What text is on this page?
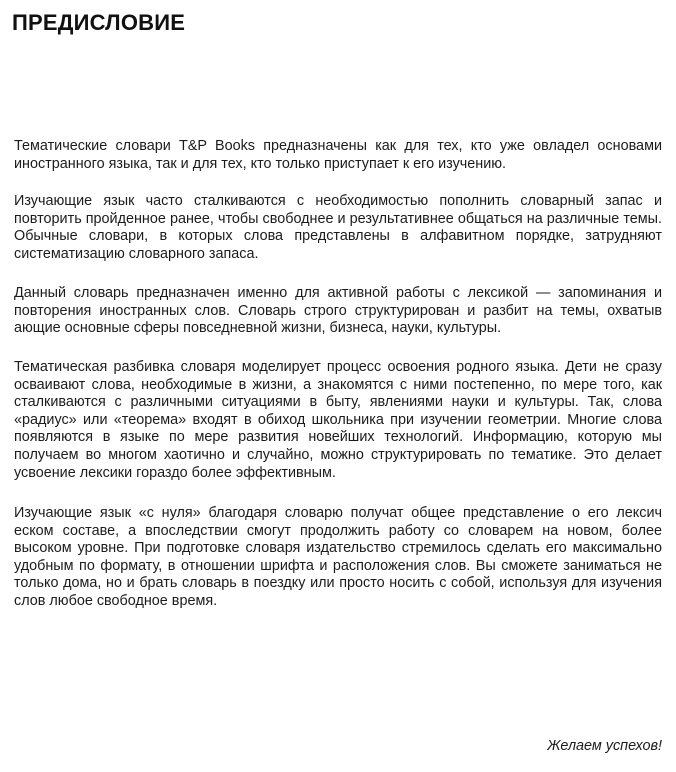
ПРЕДИСЛОВИЕ

Тематические словари T&P Books предназначены как для тех, кто уже овладел основами иностранного языка, так и для тех, кто только приступает к его изучению.

Изучающие язык часто сталкиваются с необходимостью пополнить словарный запас и повторить пройденное ранее, чтобы свободнее и результативнее общаться на различные темы. Обычные словари, в которых слова представлены в алфавитном порядке, затрудняют систематизацию словарного запаса.

Данный словарь предназначен именно для активной работы с лексикой — запоминания и повторения иностранных слов. Словарь строго структурирован и разбит на темы, охватыв ающие основные сферы повседневной жизни, бизнеса, науки, культуры.

Тематическая разбивка словаря моделирует процесс освоения родного языка. Дети не сразу осваивают слова, необходимые в жизни, а знакомятся с ними постепенно, по мере того, как сталкиваются с различными ситуациями в быту, явлениями науки и культуры. Так, слова «радиус» или «теорема» входят в обиход школьника при изучении геометрии. Многие слова появляются в языке по мере развития новейших технологий. Информацию, которую мы получаем во многом хаотично и случайно, можно структурировать по тематике. Это делает усвоение лексики гораздо более эффективным.

Изучающие язык «с нуля» благодаря словарю получат общее представление о его лексич еском составе, а впоследствии смогут продолжить работу со словарем на новом, более высоком уровне. При подготовке словаря издательство стремилось сделать его максимально удобным по формату, в отношении шрифта и расположения слов. Вы сможете заниматься не только дома, но и брать словарь в поездку или просто носить с собой, используя для изучения слов любое свободное время.

Желаем успехов!
